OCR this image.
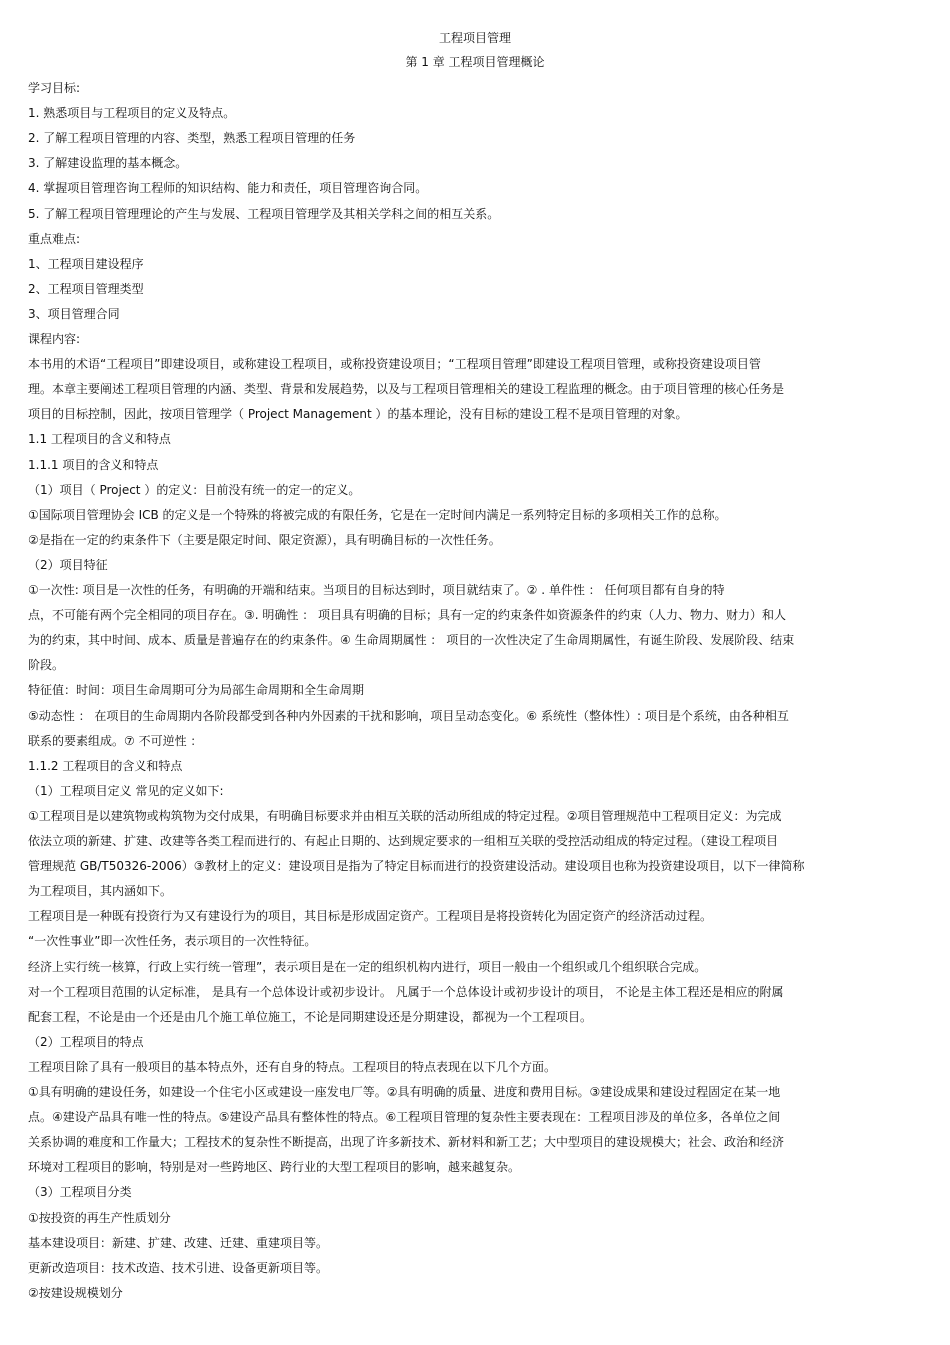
工程项目管理
第 1 章 工程项目管理概论
学习目标:
1. 熟悉项目与工程项目的定义及特点。
2. 了解工程项目管理的内容、类型，熟悉工程项目管理的任务
3. 了解建设监理的基本概念。
4. 掌握项目管理咨询工程师的知识结构、能力和责任，项目管理咨询合同。
5. 了解工程项目管理理论的产生与发展、工程项目管理学及其相关学科之间的相互关系。
重点难点:
1、工程项目建设程序
2、工程项目管理类型
3、项目管理合同
课程内容:
本书用的术语“工程项目”即建设项目，或称建设工程项目，或称投资建设项目；“工程项目管理”即建设工程项目管理，或称投资建设项目管
理。本章主要阐述工程项目管理的内涵、类型、背景和发展趋势，以及与工程项目管理相关的建设工程监理的概念。由于项目管理的核心任务是
项目的目标控制，因此，按项目管理学（ Project Management ）的基本理论，没有目标的建设工程不是项目管理的对象。
1.1 工程项目的含义和特点
1.1.1 项目的含义和特点
（1）项目（ Project ）的定义：目前没有统一的定一的定义。
①国际项目管理协会 ICB 的定义是一个特殊的将被完成的有限任务，它是在一定时间内满足一系列特定目标的多项相关工作的总称。
②是指在一定的约束条件下（主要是限定时间、限定资源），具有明确目标的一次性任务。
（2）项目特征
①一次性: 项目是一次性的任务，有明确的开端和结束。当项目的目标达到时，项目就结束了。② . 单件性 ： 任何项目都有自身的特
点，不可能有两个完全相同的项目存在。③. 明确性 ： 项目具有明确的目标；具有一定的约束条件如资源条件的约束（人力、物力、财力）和人
为的约束，其中时间、成本、质量是普遍存在的约束条件。④ 生命周期属性 ： 项目的一次性决定了生命周期属性，有诞生阶段、发展阶段、结束
阶段。
特征值：时间：项目生命周期可分为局部生命周期和全生命周期
⑤动态性 ： 在项目的生命周期内各阶段都受到各种内外因素的干扰和影响，项目呈动态变化。⑥ 系统性（整体性）: 项目是个系统，由各种相互
联系的要素组成。⑦ 不可逆性 ：
1.1.2 工程项目的含义和特点
（1）工程项目定义 常见的定义如下:
①工程项目是以建筑物或构筑物为交付成果，有明确目标要求并由相互关联的活动所组成的特定过程。②项目管理规范中工程项目定义：为完成
依法立项的新建、扩建、改建等各类工程而进行的、有起止日期的、达到规定要求的一组相互关联的受控活动组成的特定过程。（建设工程项目
管理规范 GB/T50326-2006）③教材上的定义：建设项目是指为了特定目标而进行的投资建设活动。建设项目也称为投资建设项目，以下一律简称
为工程项目，其内涵如下。
工程项目是一种既有投资行为又有建设行为的项目，其目标是形成固定资产。工程项目是将投资转化为固定资产的经济活动过程。
“一次性事业”即一次性任务，表示项目的一次性特征。
经济上实行统一核算，行政上实行统一管理”，表示项目是在一定的组织机构内进行，项目一般由一个组织或几个组织联合完成。
对一个工程项目范围的认定标准， 是具有一个总体设计或初步设计。 凡属于一个总体设计或初步设计的项目， 不论是主体工程还是相应的附属
配套工程，不论是由一个还是由几个施工单位施工，不论是同期建设还是分期建设，都视为一个工程项目。
（2）工程项目的特点
工程项目除了具有一般项目的基本特点外，还有自身的特点。工程项目的特点表现在以下几个方面。
①具有明确的建设任务，如建设一个住宅小区或建设一座发电厂等。②具有明确的质量、进度和费用目标。③建设成果和建设过程固定在某一地
点。④建设产品具有唯一性的特点。⑤建设产品具有整体性的特点。⑥工程项目管理的复杂性主要表现在：工程项目涉及的单位多，各单位之间
关系协调的难度和工作量大；工程技术的复杂性不断提高，出现了许多新技术、新材料和新工艺；大中型项目的建设规模大；社会、政治和经济
环境对工程项目的影响，特别是对一些跨地区、跨行业的大型工程项目的影响，越来越复杂。
（3）工程项目分类
①按投资的再生产性质划分
基本建设项目：新建、扩建、改建、迁建、重建项目等。
更新改造项目：技术改造、技术引进、设备更新项目等。
②按建设规模划分
